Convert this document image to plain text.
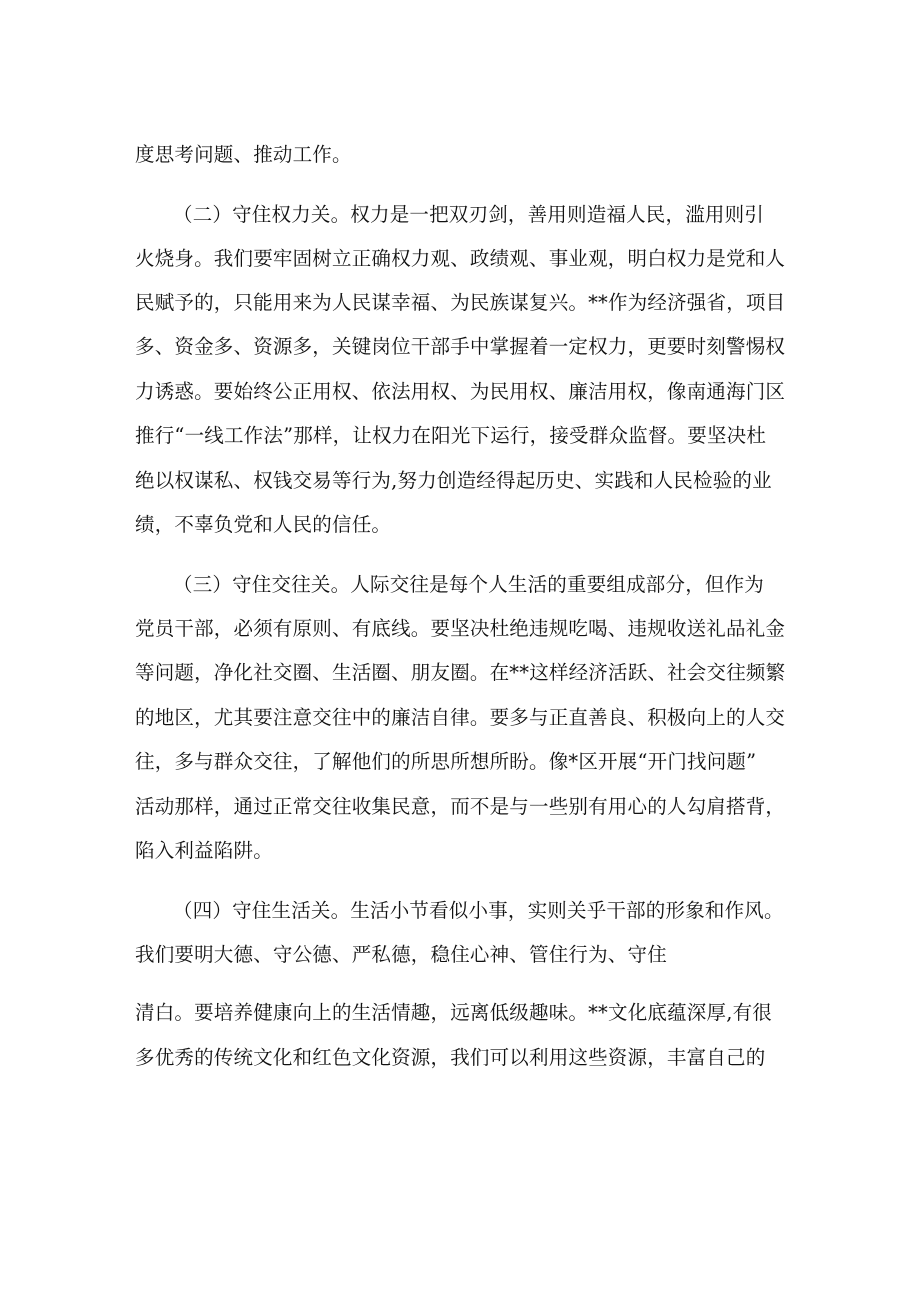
度思考问题、推动工作。
（二）守住权力关。权力是一把双刃剑，善用则造福人民，滥用则引
火烧身。我们要牢固树立正确权力观、政绩观、事业观，明白权力是党和人
民赋予的，只能用来为人民谋幸福、为民族谋复兴。**作为经济强省，项目
多、资金多、资源多，关键岗位干部手中掌握着一定权力，更要时刻警惕权
力诱惑。要始终公正用权、依法用权、为民用权、廉洁用权，像南通海门区
推行“一线工作法”那样，让权力在阳光下运行，接受群众监督。要坚决杜
绝以权谋私、权钱交易等行为,努力创造经得起历史、实践和人民检验的业
绩，不辜负党和人民的信任。
（三）守住交往关。人际交往是每个人生活的重要组成部分，但作为
党员干部，必须有原则、有底线。要坚决杜绝违规吃喝、违规收送礼品礼金
等问题，净化社交圈、生活圈、朋友圈。在**这样经济活跃、社会交往频繁
的地区，尤其要注意交往中的廉洁自律。要多与正直善良、积极向上的人交
往，多与群众交往，了解他们的所思所想所盼。像*区开展“开门找问题”
活动那样，通过正常交往收集民意，而不是与一些别有用心的人勾肩搭背，
陷入利益陷阱。
（四）守住生活关。生活小节看似小事，实则关乎干部的形象和作风。
我们要明大德、守公德、严私德，稳住心神、管住行为、守住
清白。要培养健康向上的生活情趣，远离低级趣味。**文化底蕴深厚,有很
多优秀的传统文化和红色文化资源，我们可以利用这些资源，丰富自己的
